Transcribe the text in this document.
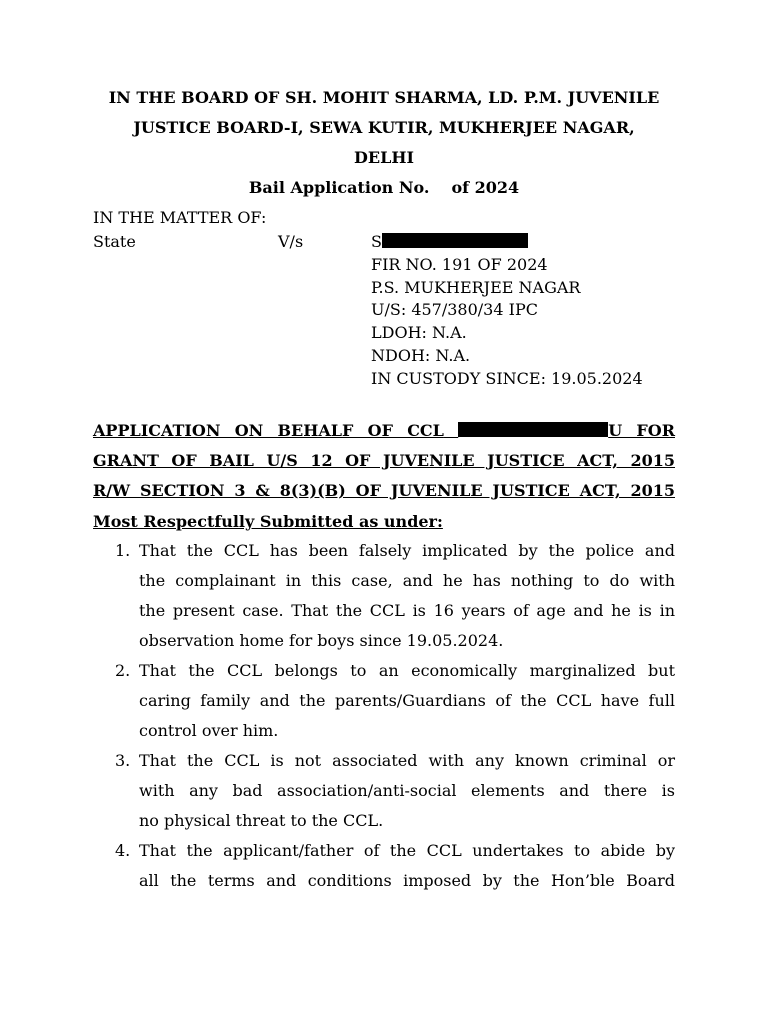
IN THE BOARD OF SH. MOHIT SHARMA, LD. P.M. JUVENILE
JUSTICE BOARD-I, SEWA KUTIR, MUKHERJEE NAGAR,
DELHI
Bail Application No. of 2024
IN THE MATTER OF:
State	V/s	SANJAY @ BITTU
FIR NO. 191 OF 2024
P.S. MUKHERJEE NAGAR
U/S: 457/380/34 IPC
LDOH: N.A.
NDOH: N.A.
IN CUSTODY SINCE: 19.05.2024
APPLICATION ON BEHALF OF CCL SANJAY @BITTU FOR
GRANT OF BAIL U/S 12 OF JUVENILE JUSTICE ACT, 2015
R/W SECTION 3 & 8(3)(B) OF JUVENILE JUSTICE ACT, 2015
Most Respectfully Submitted as under:
1. That the CCL has been falsely implicated by the police and
the complainant in this case, and he has nothing to do with
the present case. That the CCL is 16 years of age and he is in
observation home for boys since 19.05.2024.
2. That the CCL belongs to an economically marginalized but
caring family and the parents/Guardians of the CCL have full
control over him.
3. That the CCL is not associated with any known criminal or
with any bad association/anti-social elements and there is
no physical threat to the CCL.
4. That the applicant/father of the CCL undertakes to abide by
all the terms and conditions imposed by the Hon’ble Board
